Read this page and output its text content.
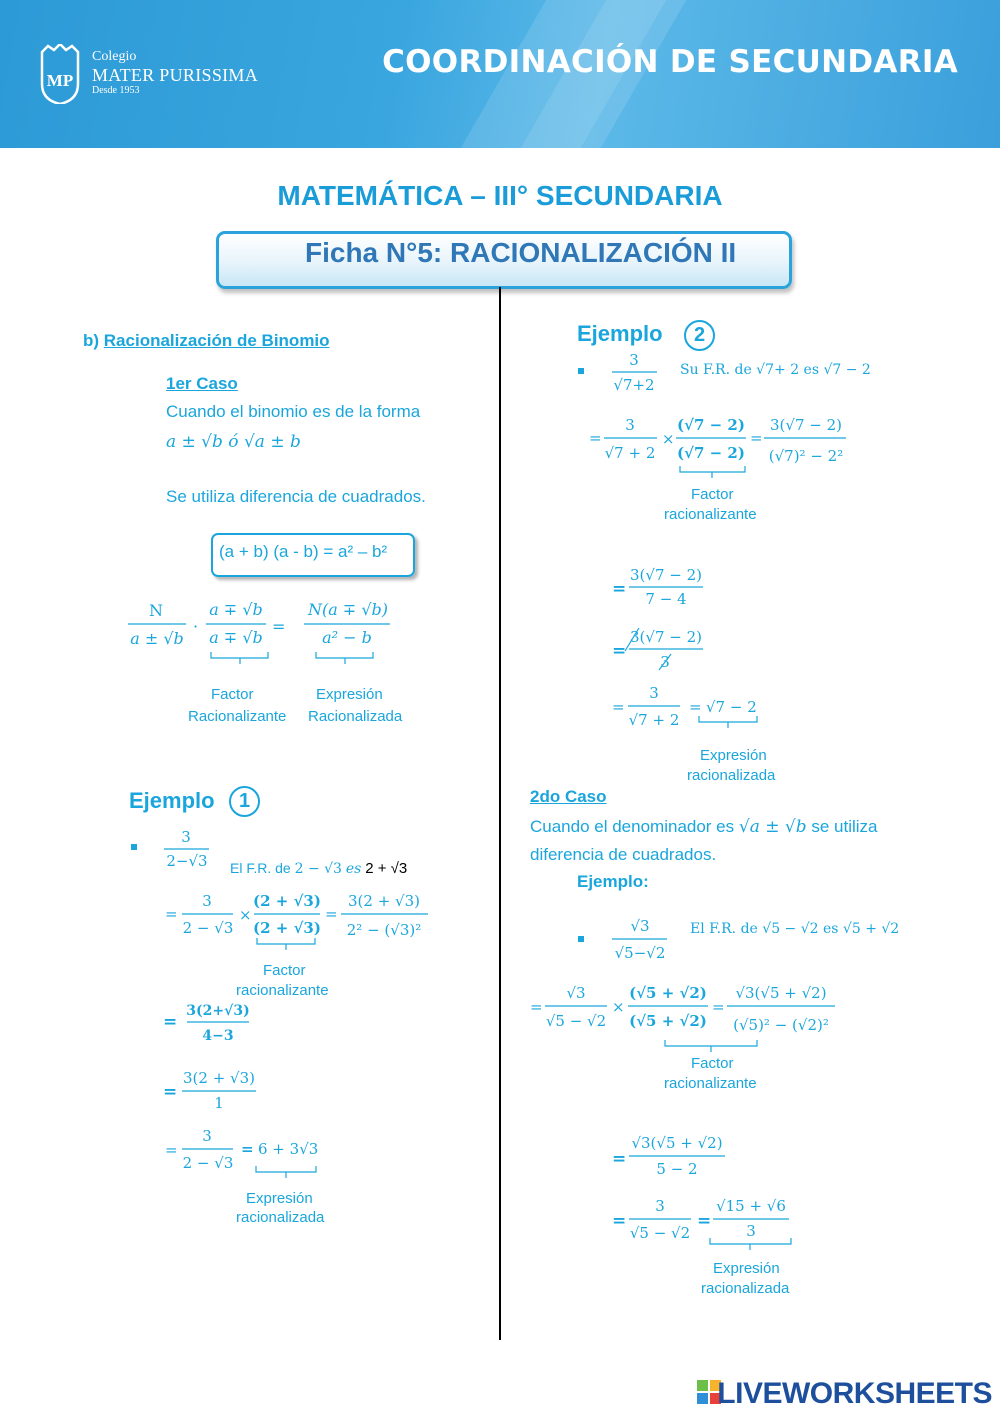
MP
Colegio
MATER PURISSIMA
Desde 1953
COORDINACIÓN DE SECUNDARIA
MATEMÁTICA – III° SECUNDARIA
Ficha N°5: RACIONALIZACIÓN II
b) Racionalización de Binomio
1er Caso
Cuando el binomio es de la forma
a ± √b ó √a ± b
Se utiliza diferencia de cuadrados.
(a + b) (a - b) = a² – b²
Factor
Racionalizante
Expresión
Racionalizada
Ejemplo	1
El F.R. de 2 − √3 es 2 + √3
Factor
racionalizante
Expresión
racionalizada
Ejemplo	2
Su F.R. de √7+ 2 es √7 − 2
Factor
racionalizante
Expresión
racionalizada
2do Caso
Cuando el denominador es √a ± √b se utiliza
diferencia de cuadrados.
Ejemplo:
El F.R. de √5 − √2 es √5 + √2
Factor
racionalizante
Expresión
racionalizada
N
a ± √b
·
a ∓ √b
a ∓ √b
=
N(a ∓ √b)
a² − b
3
2−√3
=
3
2 − √3
×
(2 + √3)
(2 + √3)
=
3(2 + √3)
2² − (√3)²
=
3(2+√3)
4−3
=
3(2 + √3)
1
=
3
2 − √3
= 6 + 3√3
3
√7+2
=
3
√7 + 2
×
(√7 − 2)
(√7 − 2)
=
3(√7 − 2)
(√7)² − 2²
=
3(√7 − 2)
7 − 4
=
3(√7 − 2)
3
=
3
√7 + 2
= √7 − 2
√3
√5−√2
=
√3
√5 − √2
×
(√5 + √2)
(√5 + √2)
=
√3(√5 + √2)
(√5)² − (√2)²
=
√3(√5 + √2)
5 − 2
=
3
√5 − √2
=
√15 + √6
3
LIVEWORKSHEETS
